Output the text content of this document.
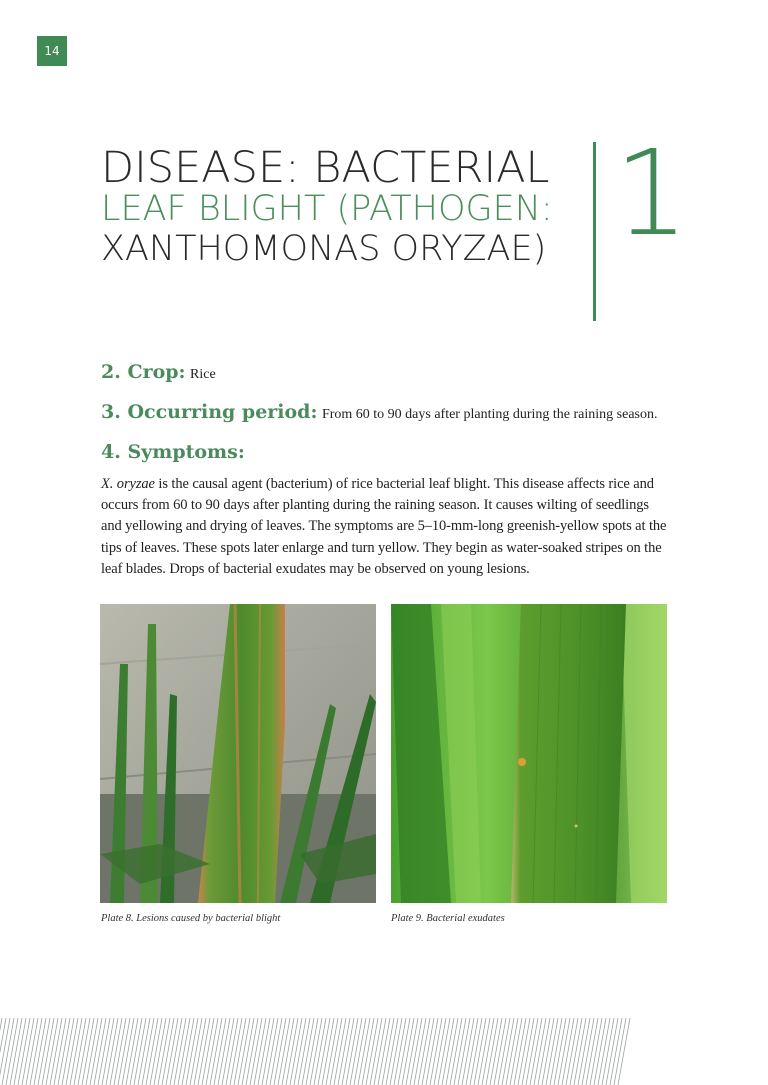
14
DISEASE: BACTERIAL
LEAF BLIGHT (PATHOGEN:
XANTHOMONAS ORYZAE) 1
2. Crop: Rice
3. Occurring period: From 60 to 90 days after planting during the raining season.
4. Symptoms:
X. oryzae is the causal agent (bacterium) of rice bacterial leaf blight. This disease affects rice and occurs from 60 to 90 days after planting during the raining season. It causes wilting of seedlings and yellowing and drying of leaves. The symptoms are 5–10-mm-long greenish-yellow spots at the tips of leaves. These spots later enlarge and turn yellow. They begin as water-soaked stripes on the leaf blades. Drops of bacterial exudates may be observed on young lesions.
Plate 8. Lesions caused by bacterial blight	Plate 9. Bacterial exudates
